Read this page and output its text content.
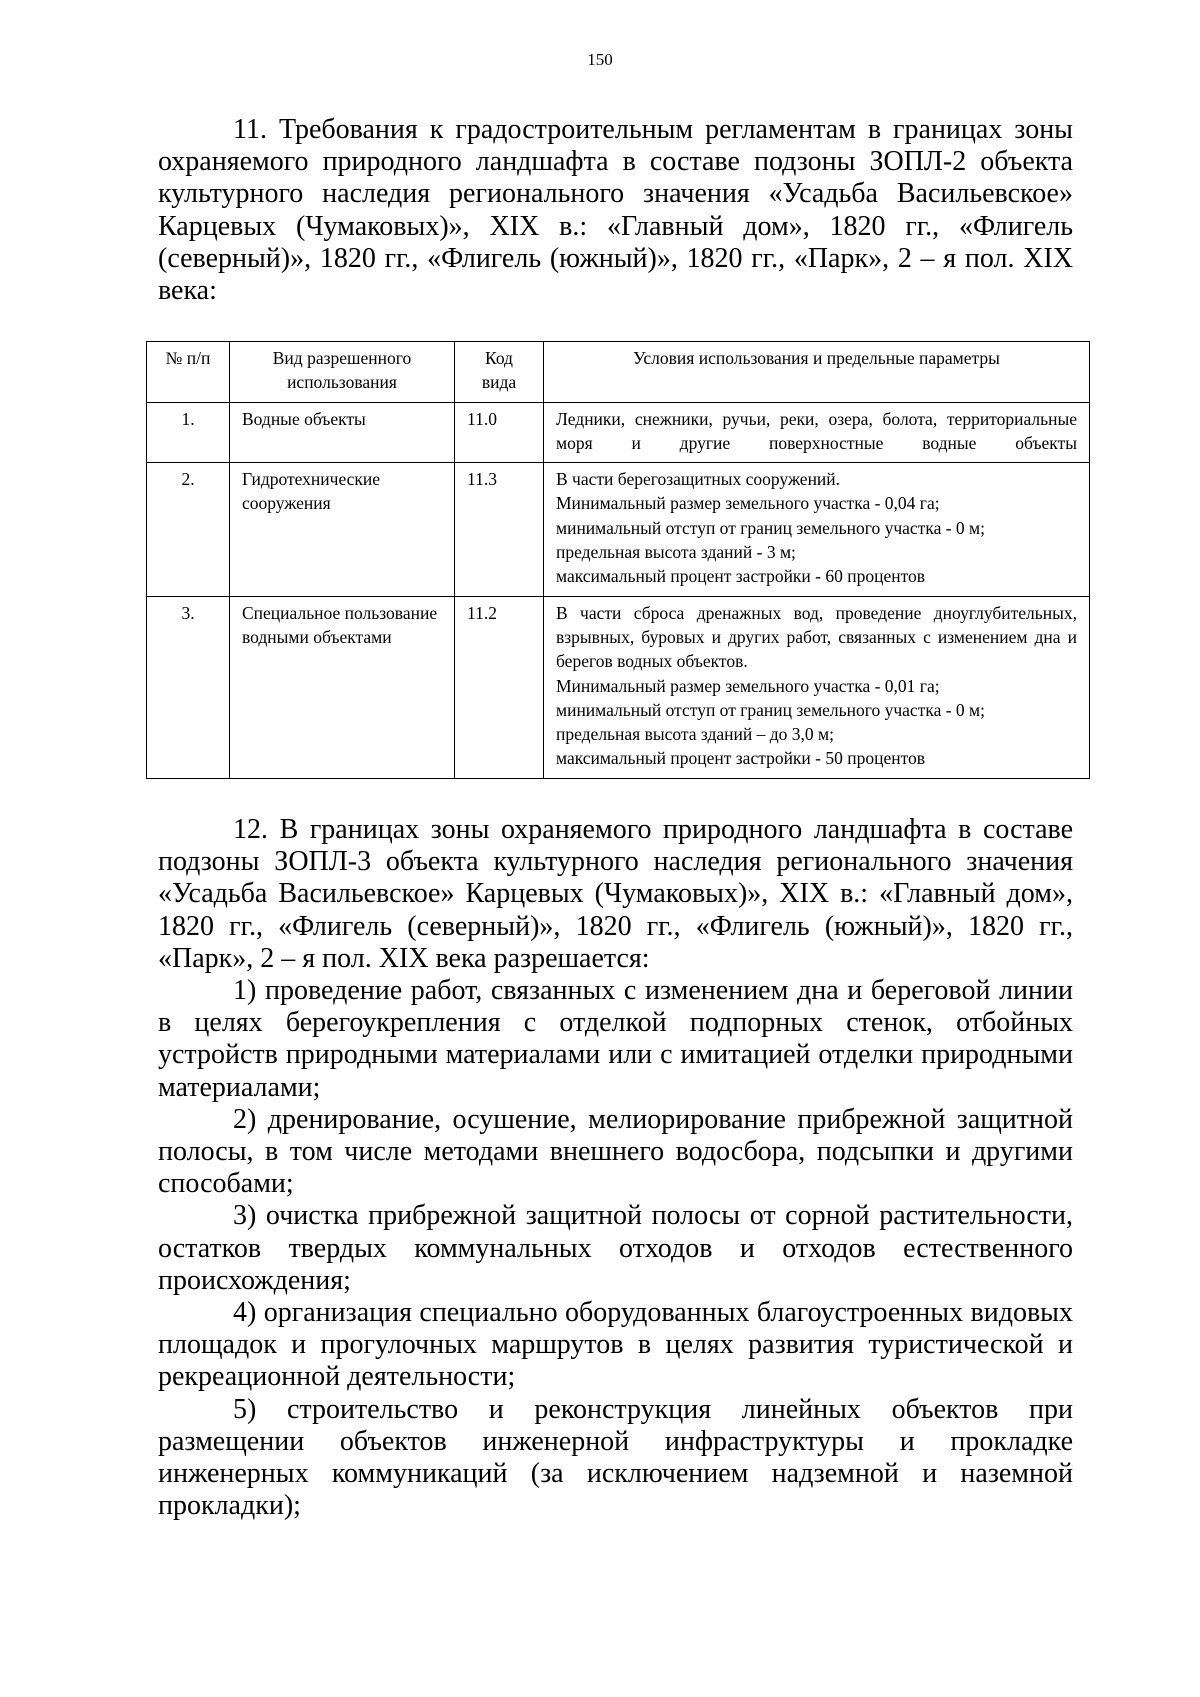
150

11. Требования к градостроительным регламентам в границах зоны охраняемого природного ландшафта в составе подзоны ЗОПЛ-2 объекта культурного наследия регионального значения «Усадьба Васильевское» Карцевых (Чумаковых)», XIX в.: «Главный дом», 1820 гг., «Флигель (северный)», 1820 гг., «Флигель (южный)», 1820 гг., «Парк», 2 – я пол. XIX века:

№ п/п	Вид разрешенного использования	Код вида	Условия использования и предельные параметры
1.	Водные объекты	11.0	Ледники, снежники, ручьи, реки, озера, болота, территориальные моря и другие поверхностные водные объекты

2.	Гидротехнические сооружения	11.3	В части берегозащитных сооружений.
Минимальный размер земельного участка - 0,04 га;
минимальный отступ от границ земельного участка - 0 м;
предельная высота зданий - 3 м;
максимальный процент застройки - 60 процентов

3.	Специальное пользование водными объектами	11.2	В части сброса дренажных вод, проведение дноуглубительных, взрывных, буровых и других работ, связанных с изменением дна и берегов водных объектов.
Минимальный размер земельного участка - 0,01 га;
минимальный отступ от границ земельного участка - 0 м;
предельная высота зданий – до 3,0 м;
максимальный процент застройки - 50 процентов

12. В границах зоны охраняемого природного ландшафта в составе подзоны ЗОПЛ-3 объекта культурного наследия регионального значения «Усадьба Васильевское» Карцевых (Чумаковых)», XIX в.: «Главный дом», 1820 гг., «Флигель (северный)», 1820 гг., «Флигель (южный)», 1820 гг., «Парк», 2 – я пол. XIX века разрешается:

1) проведение работ, связанных с изменением дна и береговой линии в целях берегоукрепления с отделкой подпорных стенок, отбойных устройств природными материалами или с имитацией отделки природными материалами;

2) дренирование, осушение, мелиорирование прибрежной защитной полосы, в том числе методами внешнего водосбора, подсыпки и другими способами;

3) очистка прибрежной защитной полосы от сорной растительности, остатков твердых коммунальных отходов и отходов естественного происхождения;

4) организация специально оборудованных благоустроенных видовых площадок и прогулочных маршрутов в целях развития туристической и рекреационной деятельности;

5) строительство и реконструкция линейных объектов при размещении объектов инженерной инфраструктуры и прокладке инженерных коммуникаций (за исключением надземной и наземной прокладки);
